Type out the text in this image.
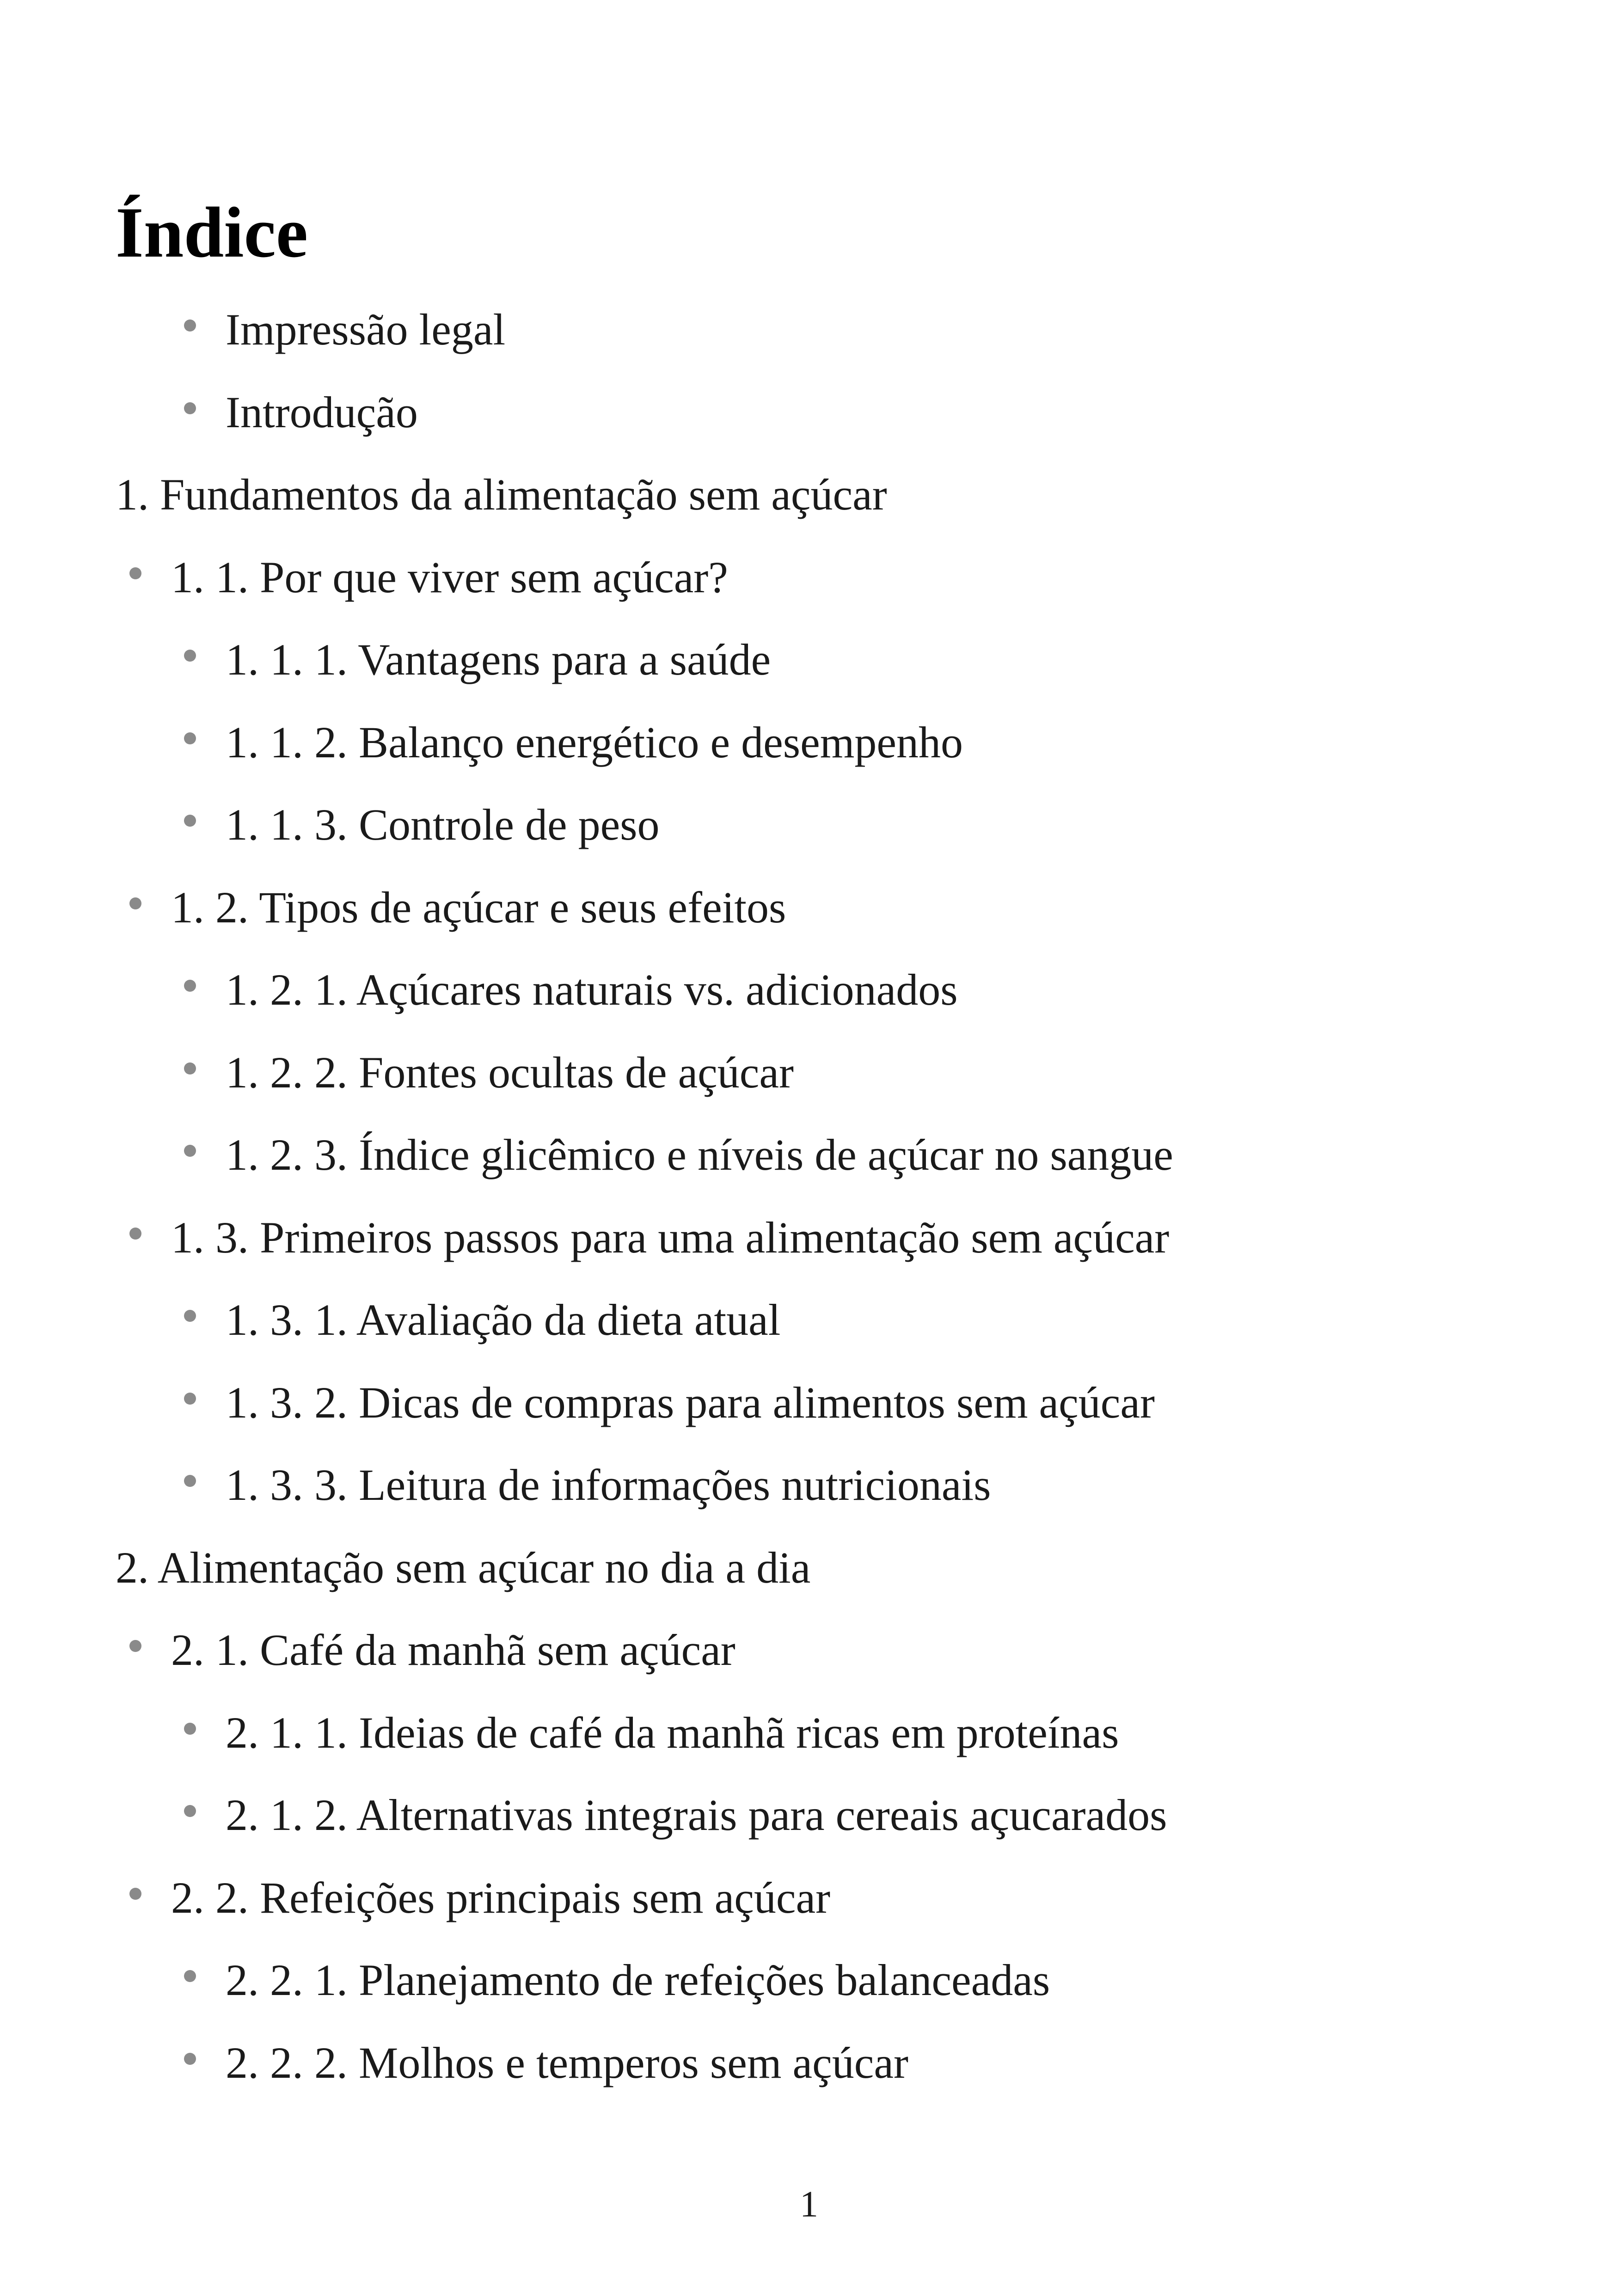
Índice
Impressão legal
Introdução
1. Fundamentos da alimentação sem açúcar
1. 1. Por que viver sem açúcar?
1. 1. 1. Vantagens para a saúde
1. 1. 2. Balanço energético e desempenho
1. 1. 3. Controle de peso
1. 2. Tipos de açúcar e seus efeitos
1. 2. 1. Açúcares naturais vs. adicionados
1. 2. 2. Fontes ocultas de açúcar
1. 2. 3. Índice glicêmico e níveis de açúcar no sangue
1. 3. Primeiros passos para uma alimentação sem açúcar
1. 3. 1. Avaliação da dieta atual
1. 3. 2. Dicas de compras para alimentos sem açúcar
1. 3. 3. Leitura de informações nutricionais
2. Alimentação sem açúcar no dia a dia
2. 1. Café da manhã sem açúcar
2. 1. 1. Ideias de café da manhã ricas em proteínas
2. 1. 2. Alternativas integrais para cereais açucarados
2. 2. Refeições principais sem açúcar
2. 2. 1. Planejamento de refeições balanceadas
2. 2. 2. Molhos e temperos sem açúcar
1
